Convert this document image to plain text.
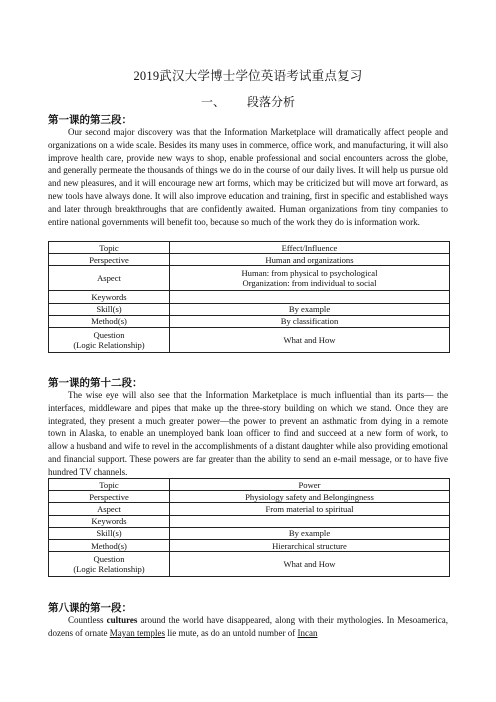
2019武汉大学博士学位英语考试重点复习
一、 段落分析
第一课的第三段：
Our second major discovery was that the Information Marketplace will dramatically affect people and organizations on a wide scale. Besides its many uses in commerce, office work, and manufacturing, it will also improve health care, provide new ways to shop, enable professional and social encounters across the globe, and generally permeate the thousands of things we do in the course of our daily lives. It will help us pursue old and new pleasures, and it will encourage new art forms, which may be criticized but will move art forward, as new tools have always done. It will also improve education and training, first in specific and established ways and later through breakthroughs that are confidently awaited. Human organizations from tiny companies to entire national governments will benefit too, because so much of the work they do is information work.
Topic	Effect/Influence
Perspective	Human and organizations
Aspect	Human: from physical to psychological
Organization: from individual to social

Keywords	
Skill(s)	By example
Method(s)	By classification

Question
(Logic Relationship)	What and How
第一课的第十二段：
The wise eye will also see that the Information Marketplace is much influential than its parts— the interfaces, middleware and pipes that make up the three-story building on which we stand. Once they are integrated, they present a much greater power—the power to prevent an asthmatic from dying in a remote town in Alaska, to enable an unemployed bank loan officer to find and succeed at a new form of work, to allow a husband and wife to revel in the accomplishments of a distant daughter while also providing emotional and financial support. These powers are far greater than the ability to send an e-mail message, or to have five hundred TV channels.
Topic	Power
Perspective	Physiology safety and Belongingness
Aspect	From material to spiritual
Keywords	
Skill(s)	By example
Method(s)	Hierarchical structure

Question
(Logic Relationship)	What and How
第八课的第一段：
Countless cultures around the world have disappeared, along with their mythologies. In Mesoamerica, dozens of ornate Mayan temples lie mute, as do an untold number of Incan
